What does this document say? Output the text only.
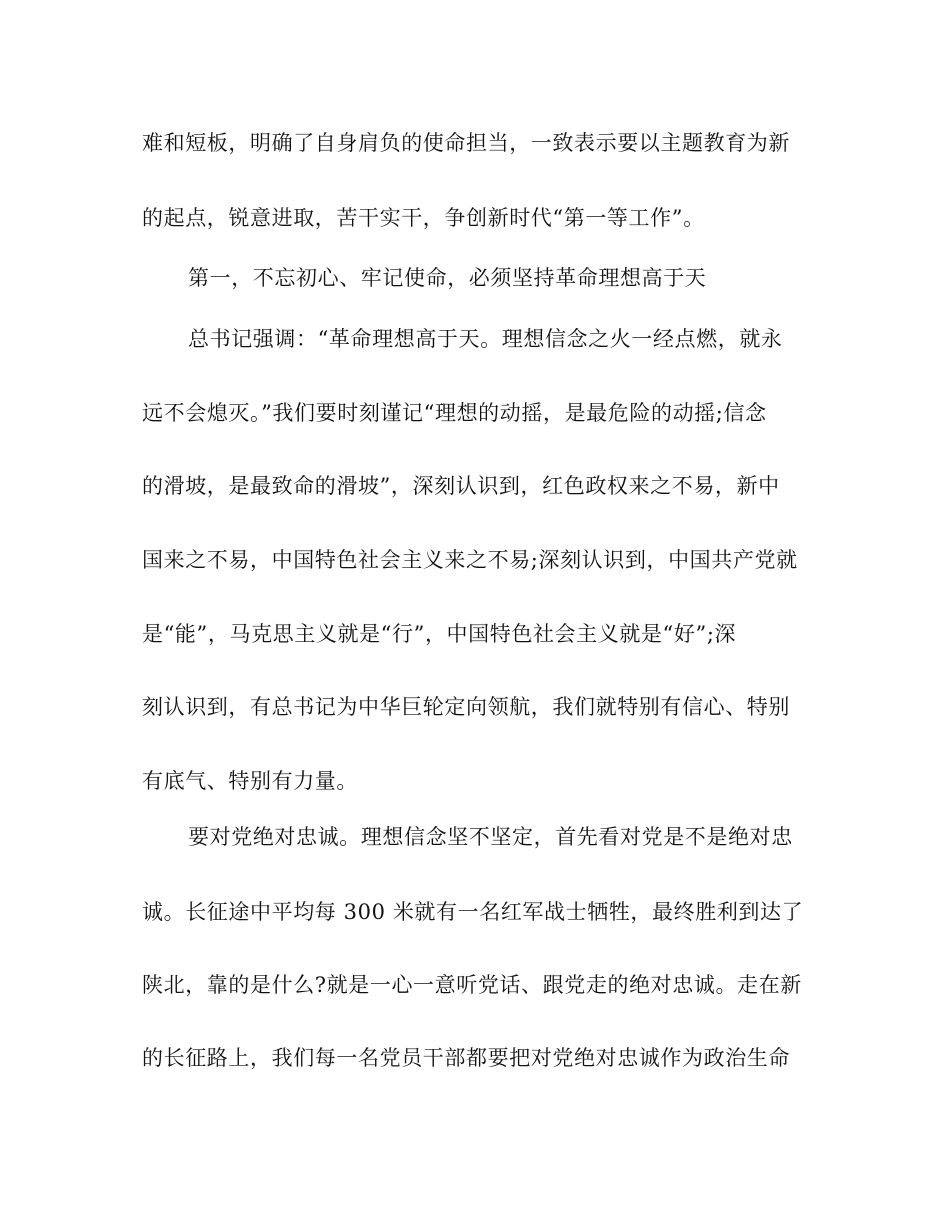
难和短板，明确了自身肩负的使命担当，一致表示要以主题教育为新
的起点，锐意进取，苦干实干，争创新时代“第一等工作”。
第一，不忘初心、牢记使命，必须坚持革命理想高于天
总书记强调：“革命理想高于天。理想信念之火一经点燃，就永
远不会熄灭。”我们要时刻谨记“理想的动摇，是最危险的动摇;信念
的滑坡，是最致命的滑坡”，深刻认识到，红色政权来之不易，新中
国来之不易，中国特色社会主义来之不易;深刻认识到，中国共产党就
是“能”，马克思主义就是“行”，中国特色社会主义就是“好”;深
刻认识到，有总书记为中华巨轮定向领航，我们就特别有信心、特别
有底气、特别有力量。
要对党绝对忠诚。理想信念坚不坚定，首先看对党是不是绝对忠
诚。长征途中平均每 300 米就有一名红军战士牺牲，最终胜利到达了
陕北，靠的是什么?就是一心一意听党话、跟党走的绝对忠诚。走在新
的长征路上，我们每一名党员干部都要把对党绝对忠诚作为政治生命
